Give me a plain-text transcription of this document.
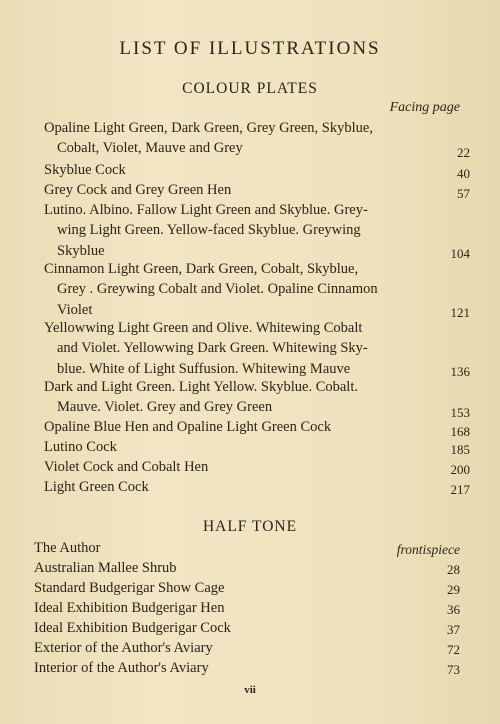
LIST OF ILLUSTRATIONS
COLOUR PLATES
Facing page
Opaline Light Green, Dark Green, Grey Green, Skyblue,
Cobalt, Violet, Mauve and Grey	22
Skyblue Cock	40
Grey Cock and Grey Green Hen	57
Lutino. Albino. Fallow Light Green and Skyblue. Grey-
wing Light Green. Yellow-faced Skyblue. Greywing
Skyblue	104
Cinnamon Light Green, Dark Green, Cobalt, Skyblue,
Grey . Greywing Cobalt and Violet. Opaline Cinnamon
Violet	121
Yellowwing Light Green and Olive. Whitewing Cobalt
and Violet. Yellowwing Dark Green. Whitewing Sky-
blue. White of Light Suffusion. Whitewing Mauve	136
Dark and Light Green. Light Yellow. Skyblue. Cobalt.
Mauve. Violet. Grey and Grey Green	153
Opaline Blue Hen and Opaline Light Green Cock	168
Lutino Cock	185
Violet Cock and Cobalt Hen	200
Light Green Cock	217
HALF TONE
The Author	frontispiece
Australian Mallee Shrub	28
Standard Budgerigar Show Cage	29
Ideal Exhibition Budgerigar Hen	36
Ideal Exhibition Budgerigar Cock	37
Exterior of the Author's Aviary	72
Interior of the Author's Aviary	73
vii
